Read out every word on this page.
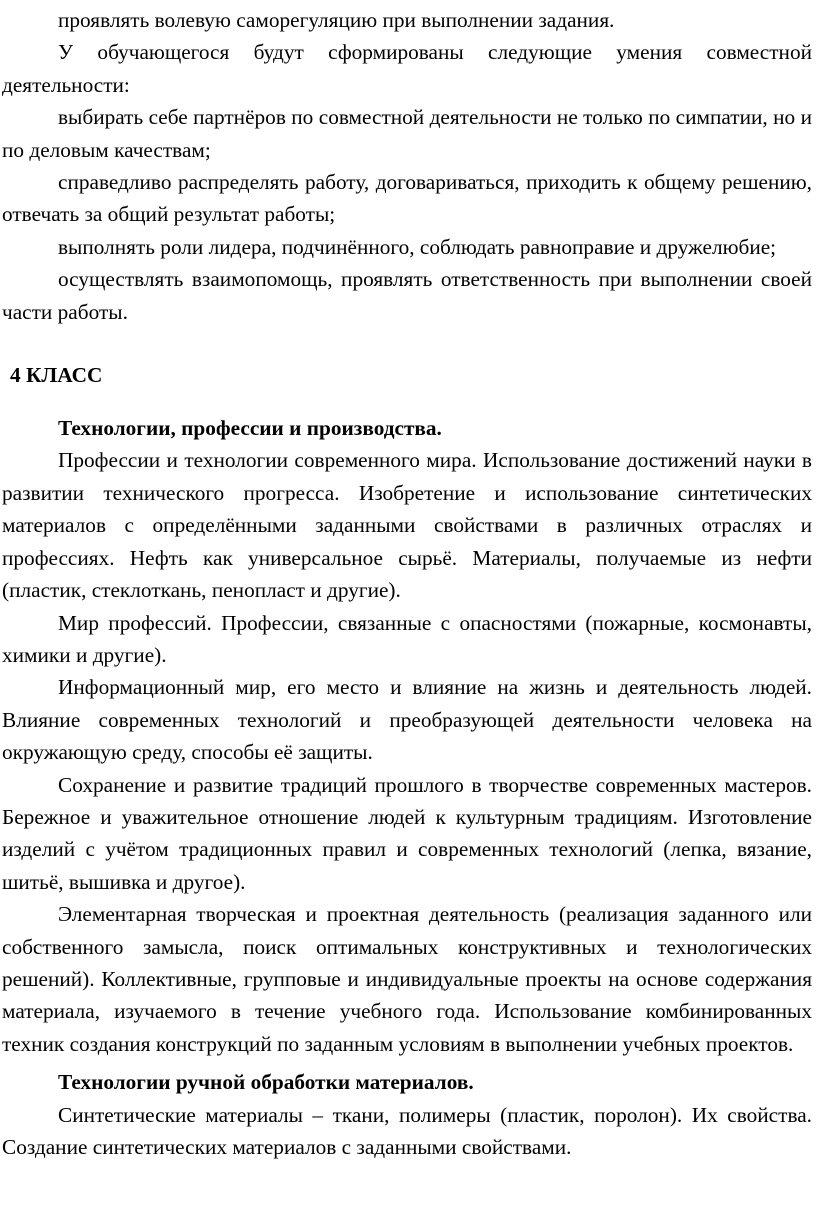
проявлять волевую саморегуляцию при выполнении задания.

У обучающегося будут сформированы следующие умения совместной деятельности:

выбирать себе партнёров по совместной деятельности не только по симпатии, но и по деловым качествам;

справедливо распределять работу, договариваться, приходить к общему решению, отвечать за общий результат работы;

выполнять роли лидера, подчинённого, соблюдать равноправие и дружелюбие;

осуществлять взаимопомощь, проявлять ответственность при выполнении своей части работы.

4 КЛАСС
Технологии, профессии и производства.

Профессии и технологии современного мира. Использование достижений науки в развитии технического прогресса. Изобретение и использование синтетических материалов с определёнными заданными свойствами в различных отраслях и профессиях. Нефть как универсальное сырьё. Материалы, получаемые из нефти (пластик, стеклоткань, пенопласт и другие).

Мир профессий. Профессии, связанные с опасностями (пожарные, космонавты, химики и другие).

Информационный мир, его место и влияние на жизнь и деятельность людей. Влияние современных технологий и преобразующей деятельности человека на окружающую среду, способы её защиты.

Сохранение и развитие традиций прошлого в творчестве современных мастеров. Бережное и уважительное отношение людей к культурным традициям. Изготовление изделий с учётом традиционных правил и современных технологий (лепка, вязание, шитьё, вышивка и другое).

Элементарная творческая и проектная деятельность (реализация заданного или собственного замысла, поиск оптимальных конструктивных и технологических решений). Коллективные, групповые и индивидуальные проекты на основе содержания материала, изучаемого в течение учебного года. Использование комбинированных техник создания конструкций по заданным условиям в выполнении учебных проектов.

Технологии ручной обработки материалов.

Синтетические материалы – ткани, полимеры (пластик, поролон). Их свойства. Создание синтетических материалов с заданными свойствами.
